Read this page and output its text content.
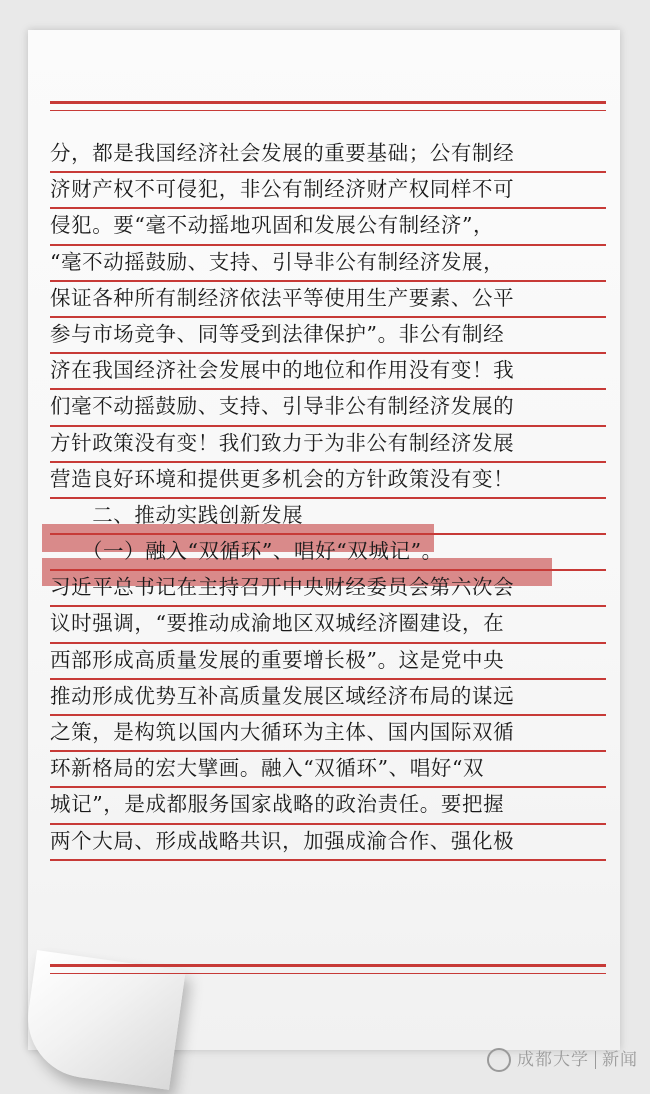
分，都是我国经济社会发展的重要基础；公有制经
济财产权不可侵犯，非公有制经济财产权同样不可
侵犯。要“毫不动摇地巩固和发展公有制经济”，
“毫不动摇鼓励、支持、引导非公有制经济发展，
保证各种所有制经济依法平等使用生产要素、公平
参与市场竞争、同等受到法律保护”。非公有制经
济在我国经济社会发展中的地位和作用没有变！我
们毫不动摇鼓励、支持、引导非公有制经济发展的
方针政策没有变！我们致力于为非公有制经济发展
营造良好环境和提供更多机会的方针政策没有变！
　　二、推动实践创新发展
　　（一）融入“双循环”、唱好“双城记”。
习近平总书记在主持召开中央财经委员会第六次会
议时强调，“要推动成渝地区双城经济圈建设，在
西部形成高质量发展的重要增长极”。这是党中央
推动形成优势互补高质量发展区域经济布局的谋远
之策，是构筑以国内大循环为主体、国内国际双循
环新格局的宏大擘画。融入“双循环”、唱好“双
城记”，是成都服务国家战略的政治责任。要把握
两个大局、形成战略共识，加强成渝合作、强化极
成都大学 新闻
